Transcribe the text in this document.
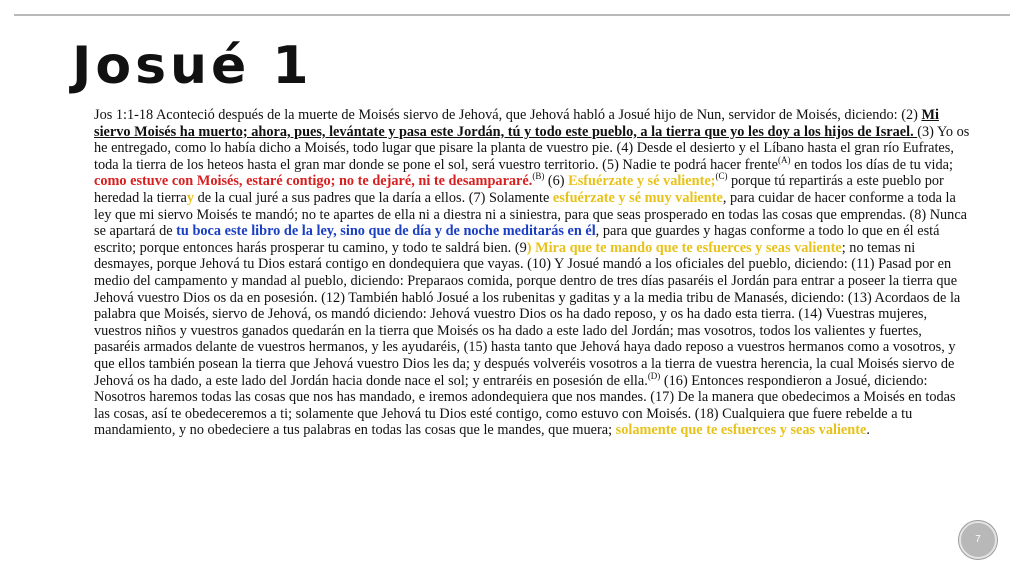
Josué 1

Jos 1:1-18 Aconteció después de la muerte de Moisés siervo de Jehová, que Jehová habló a Josué hijo de Nun, servidor de Moisés, diciendo: (2) Mi siervo Moisés ha muerto; ahora, pues, levántate y pasa este Jordán, tú y todo este pueblo, a la tierra que yo les doy a los hijos de Israel. (3) Yo os he entregado, como lo había dicho a Moisés, todo lugar que pisare la planta de vuestro pie. (4) Desde el desierto y el Líbano hasta el gran río Eufrates, toda la tierra de los heteos hasta el gran mar donde se pone el sol, será vuestro territorio. (5) Nadie te podrá hacer frente$^{(A)}$ en todos los días de tu vida; como estuve con Moisés, estaré contigo; no te dejaré, ni te desampararé.$^{(B)}$ (6) Esfuérzate y sé valiente;$^{(C)}$ porque tú repartirás a este pueblo por heredad la tierray de la cual juré a sus padres que la daría a ellos. (7) Solamente esfuérzate y sé muy valiente, para cuidar de hacer conforme a toda la ley que mi siervo Moisés te mandó; no te apartes de ella ni a diestra ni a siniestra, para que seas prosperado en todas las cosas que emprendas. (8) Nunca se apartará de tu boca este libro de la ley, sino que de día y de noche meditarás en él, para que guardes y hagas conforme a todo lo que en él está escrito; porque entonces harás prosperar tu camino, y todo te saldrá bien. (9) Mira que te mando que te esfuerces y seas valiente; no temas ni desmayes, porque Jehová tu Dios estará contigo en dondequiera que vayas. (10) Y Josué mandó a los oficiales del pueblo, diciendo: (11) Pasad por en medio del campamento y mandad al pueblo, diciendo: Preparaos comida, porque dentro de tres días pasaréis el Jordán para entrar a poseer la tierra que Jehová vuestro Dios os da en posesión. (12) También habló Josué a los rubenitas y gaditas y a la media tribu de Manasés, diciendo: (13) Acordaos de la palabra que Moisés, siervo de Jehová, os mandó diciendo: Jehová vuestro Dios os ha dado reposo, y os ha dado esta tierra. (14) Vuestras mujeres, vuestros niños y vuestros ganados quedarán en la tierra que Moisés os ha dado a este lado del Jordán; mas vosotros, todos los valientes y fuertes, pasaréis armados delante de vuestros hermanos, y les ayudaréis, (15) hasta tanto que Jehová haya dado reposo a vuestros hermanos como a vosotros, y que ellos también posean la tierra que Jehová vuestro Dios les da; y después volveréis vosotros a la tierra de vuestra herencia, la cual Moisés siervo de Jehová os ha dado, a este lado del Jordán hacia donde nace el sol; y entraréis en posesión de ella.$^{(D)}$ (16) Entonces respondieron a Josué, diciendo: Nosotros haremos todas las cosas que nos has mandado, e iremos adondequiera que nos mandes. (17) De la manera que obedecimos a Moisés en todas las cosas, así te obedeceremos a ti; solamente que Jehová tu Dios esté contigo, como estuvo con Moisés. (18) Cualquiera que fuere rebelde a tu mandamiento, y no obedeciere a tus palabras en todas las cosas que le mandes, que muera; solamente que te esfuerces y seas valiente.

7
